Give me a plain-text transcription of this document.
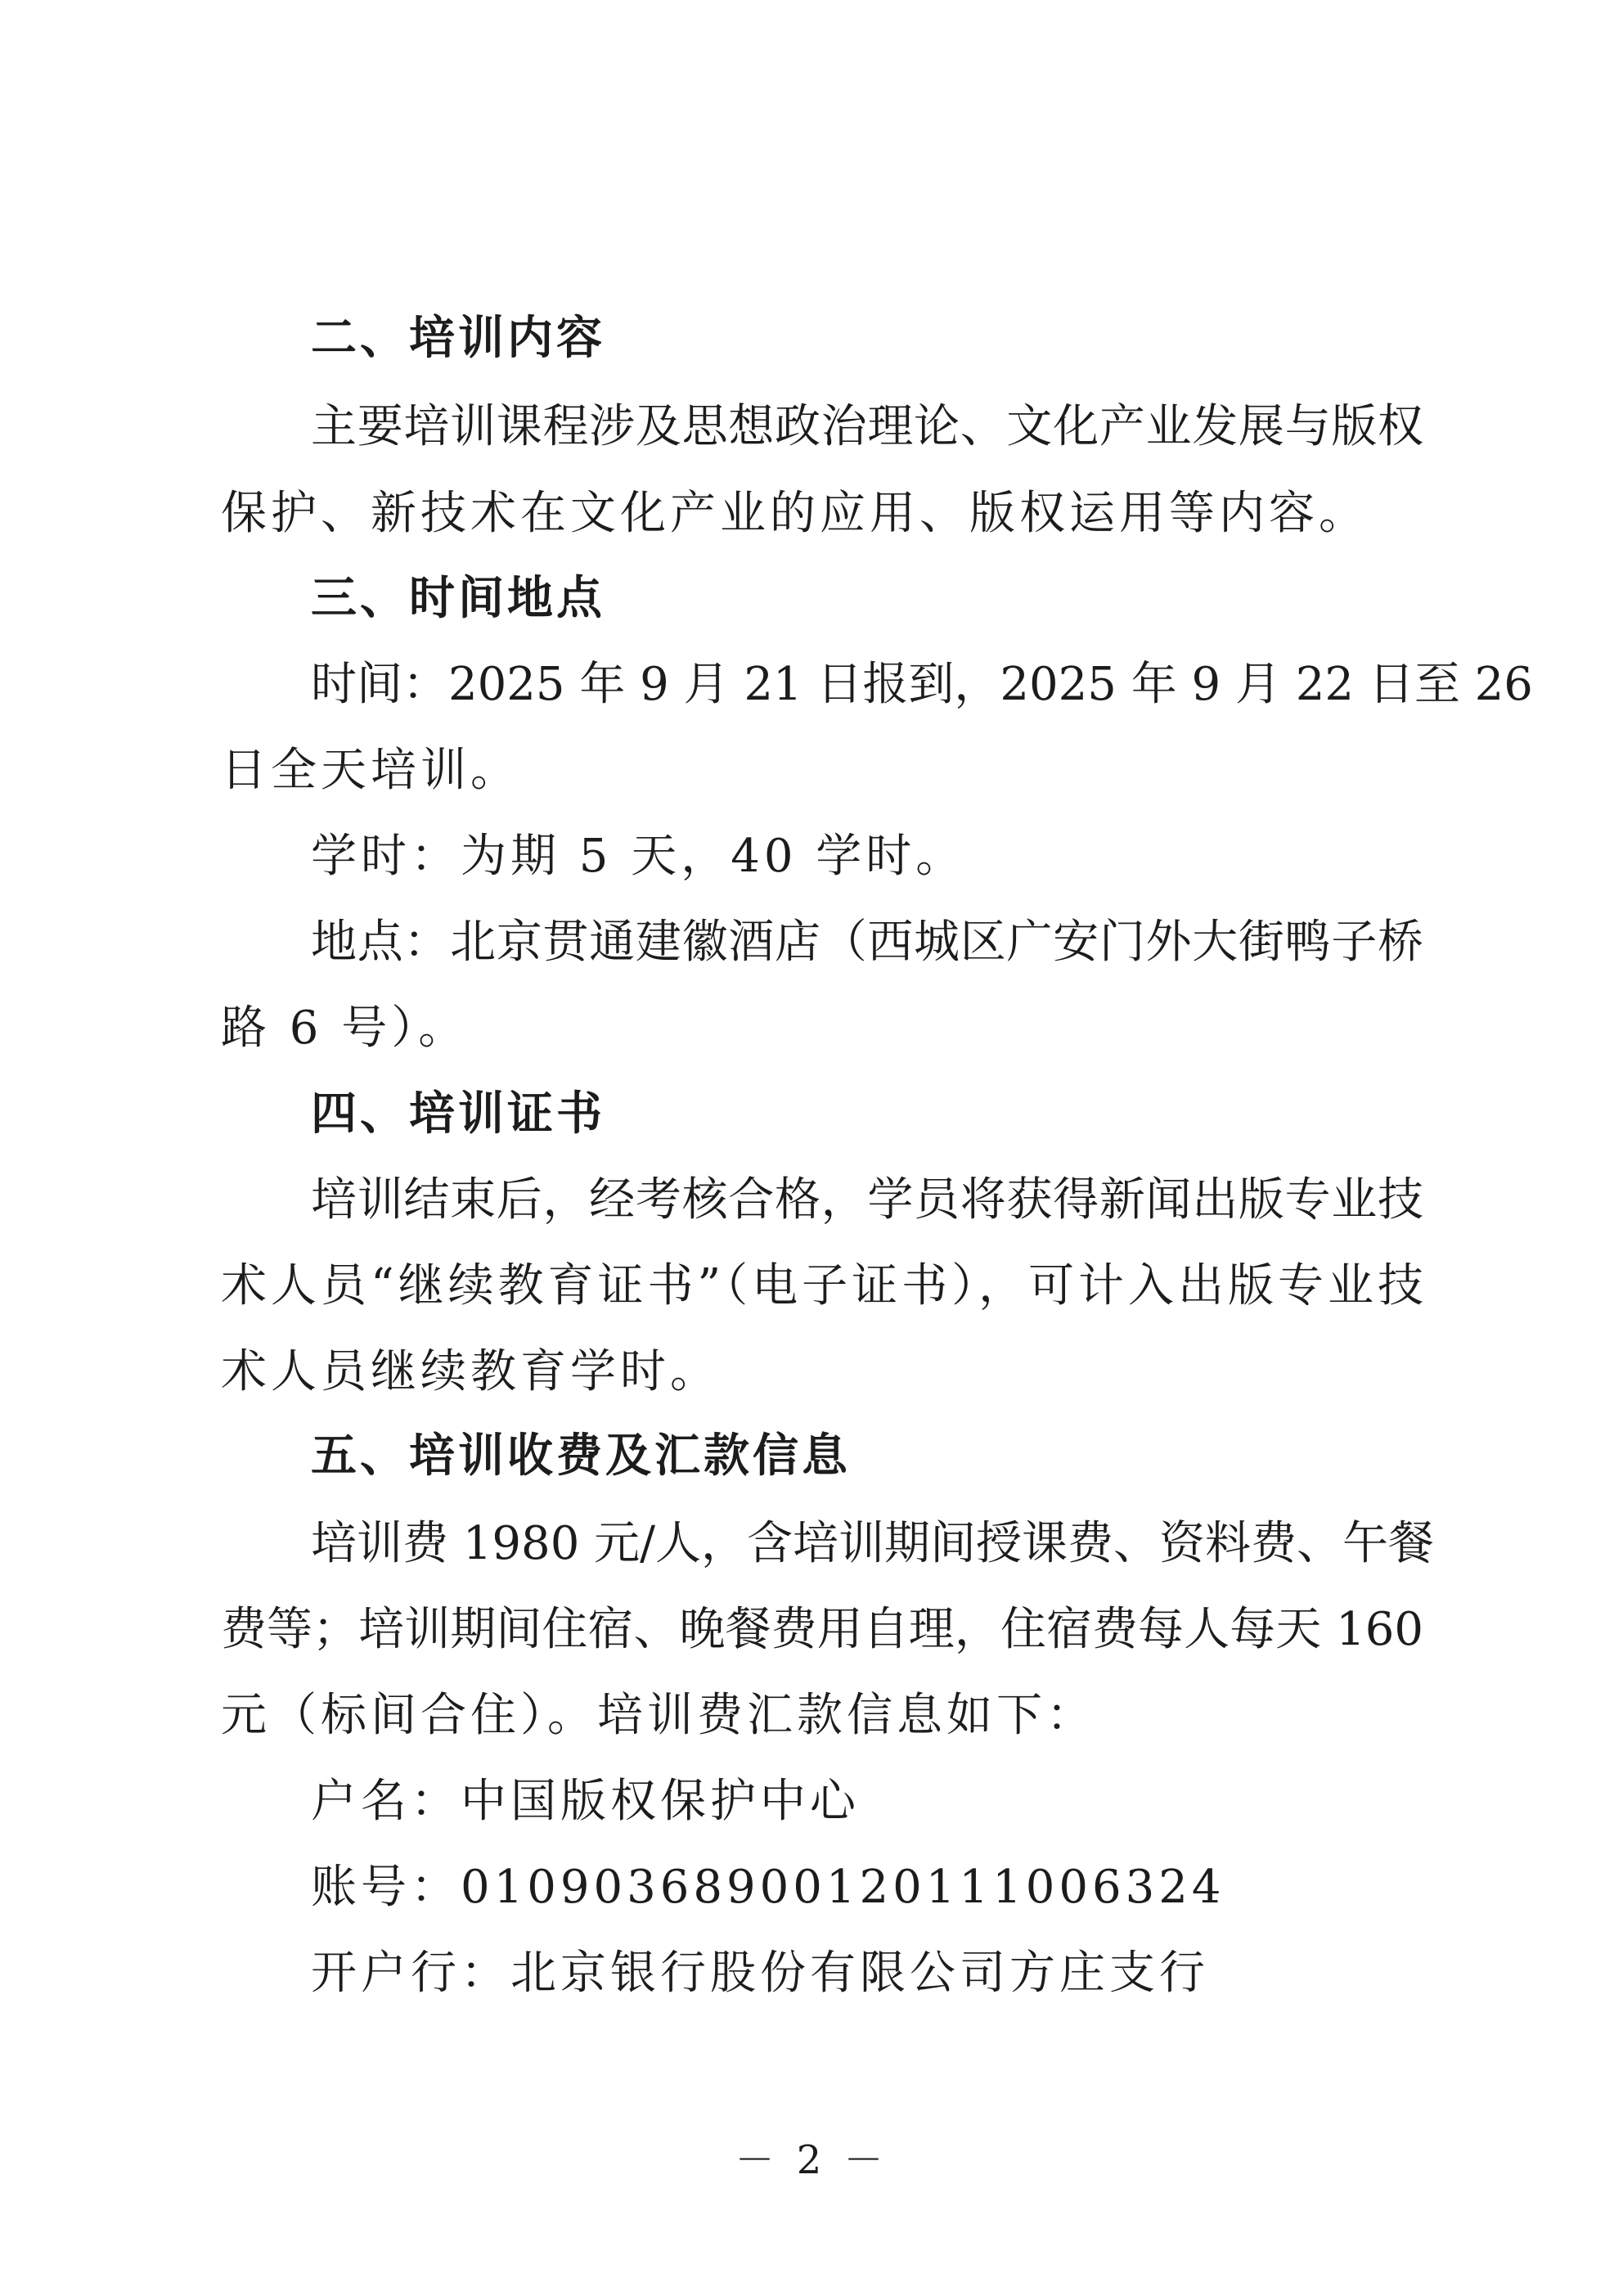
二、培训内容
主要培训课程涉及思想政治理论、文化产业发展与版权
保护、新技术在文化产业的应用、版权运用等内容。
三、时间地点
时间：2025 年 9 月 21 日报到，2025 年 9 月 22 日至 26
日全天培训。
学时：为期 5 天，40 学时。
地点：北京贯通建徽酒店（西城区广安门外大街鸭子桥
路 6 号）。
四、培训证书
培训结束后，经考核合格，学员将获得新闻出版专业技
术人员“继续教育证书”（电子证书），可计入出版专业技
术人员继续教育学时。
五、培训收费及汇款信息
培训费 1980 元/人，含培训期间授课费、资料费、午餐
费等；培训期间住宿、晚餐费用自理，住宿费每人每天 160
元（标间合住）。培训费汇款信息如下：
户名：中国版权保护中心
账号：01090368900120111006324
开户行：北京银行股份有限公司方庄支行
－ 2 －
